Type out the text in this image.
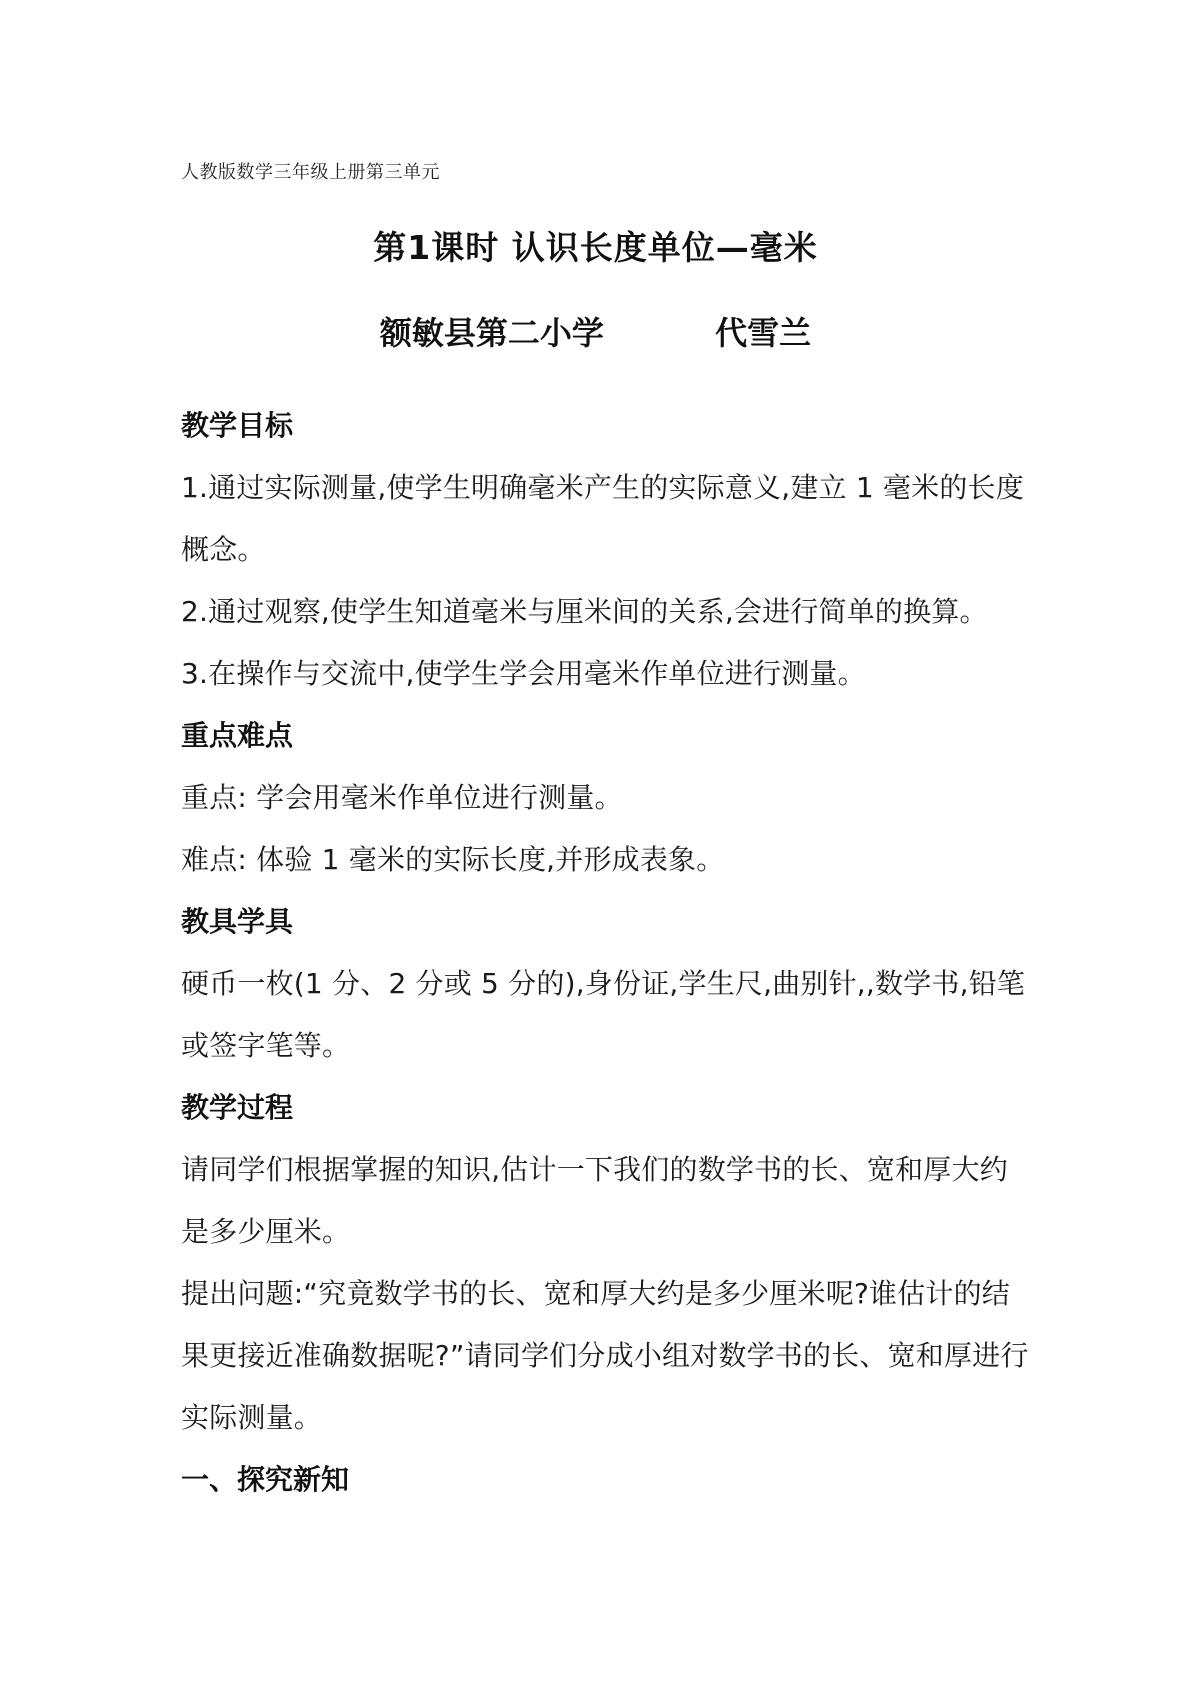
人教版数学三年级上册第三单元
第1课时 认识长度单位—毫米
额敏县第二小学	代雪兰

教学目标

1.通过实际测量,使学生明确毫米产生的实际意义,建立 1 毫米的长度概念。

2.通过观察,使学生知道毫米与厘米间的关系,会进行简单的换算。

3.在操作与交流中,使学生学会用毫米作单位进行测量。

重点难点

重点: 学会用毫米作单位进行测量。

难点: 体验 1 毫米的实际长度,并形成表象。

教具学具

硬币一枚(1 分、2 分或 5 分的),身份证,学生尺,曲别针,,数学书,铅笔或签字笔等。

教学过程

请同学们根据掌握的知识,估计一下我们的数学书的长、宽和厚大约是多少厘米。

提出问题:“究竟数学书的长、宽和厚大约是多少厘米呢?谁估计的结果更接近准确数据呢?”请同学们分成小组对数学书的长、宽和厚进行实际测量。

一、探究新知
